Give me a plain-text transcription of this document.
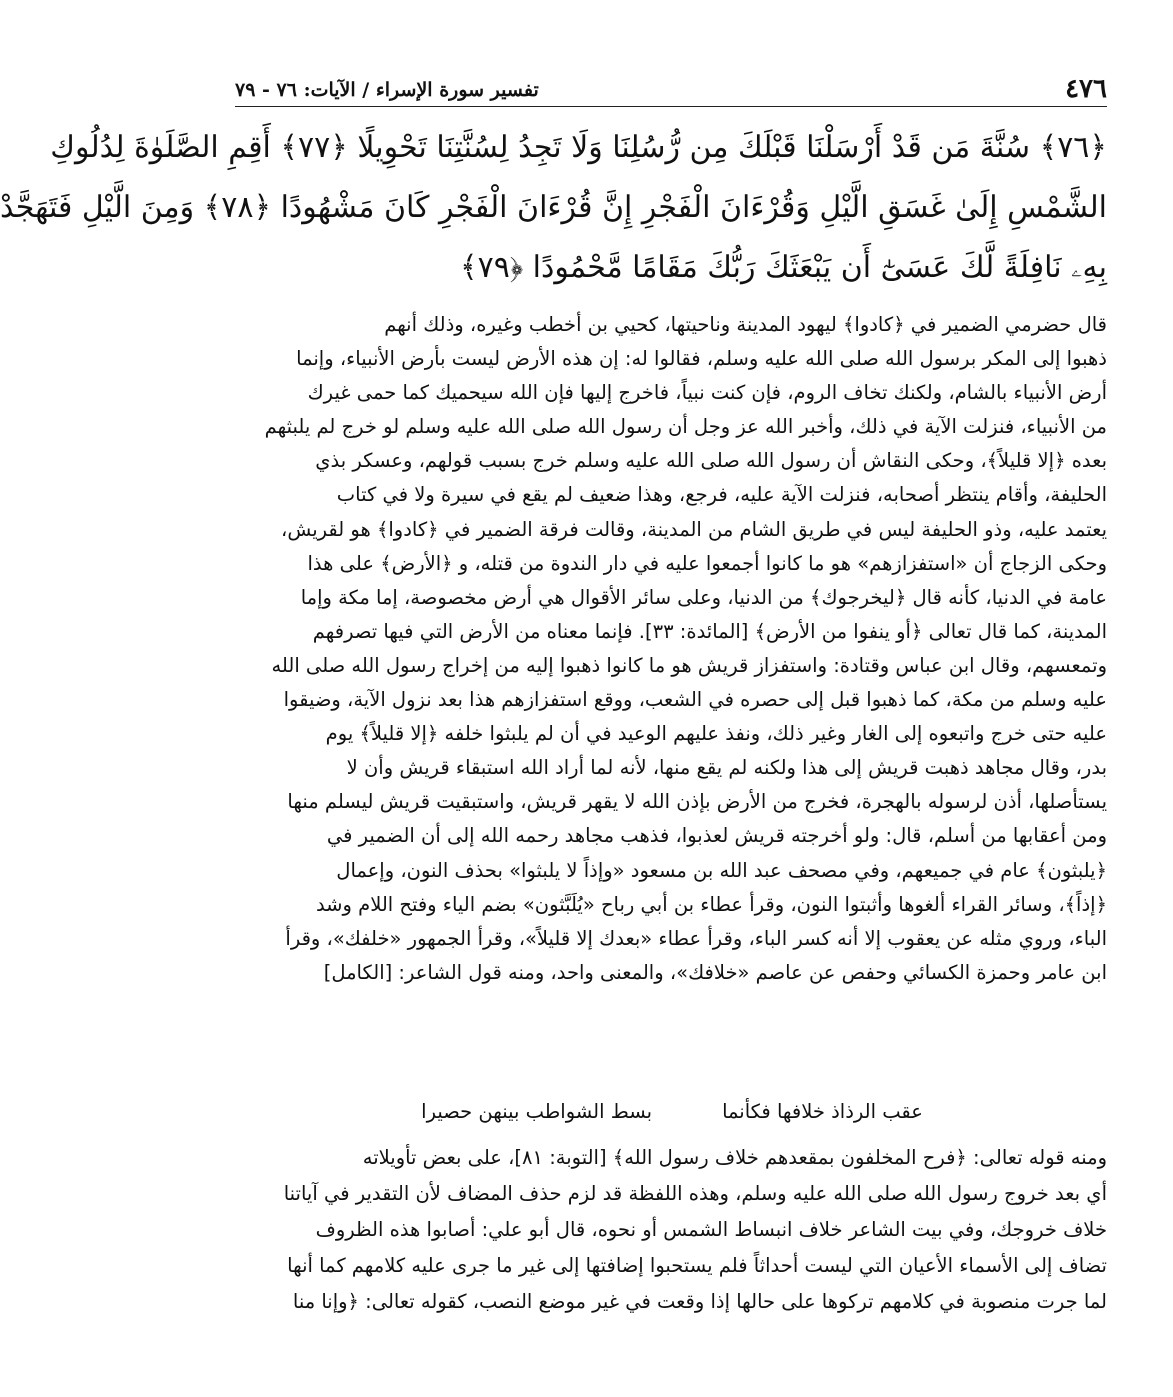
٤٧٦
تفسير سورة الإسراء / الآيات: ٧٦ - ٧٩
﴿٧٦﴾ سُنَّةَ مَن قَدْ أَرْسَلْنَا قَبْلَكَ مِن رُّسُلِنَا وَلَا تَجِدُ لِسُنَّتِنَا تَحْوِيلًا ﴿٧٧﴾ أَقِمِ الصَّلَوٰةَ لِدُلُوكِ
الشَّمْسِ إِلَىٰ غَسَقِ الَّيْلِ وَقُرْءَانَ الْفَجْرِ إِنَّ قُرْءَانَ الْفَجْرِ كَانَ مَشْهُودًا ﴿٧٨﴾ وَمِنَ الَّيْلِ فَتَهَجَّدْ
بِهِۦ نَافِلَةً لَّكَ عَسَىٰٓ أَن يَبْعَثَكَ رَبُّكَ مَقَامًا مَّحْمُودًا ﴿٧٩﴾
قال حضرمي الضمير في ﴿كادوا﴾ ليهود المدينة وناحيتها، كحيي بن أخطب وغيره، وذلك أنهم
ذهبوا إلى المكر برسول الله صلى الله عليه وسلم، فقالوا له: إن هذه الأرض ليست بأرض الأنبياء، وإنما
أرض الأنبياء بالشام، ولكنك تخاف الروم، فإن كنت نبياً، فاخرج إليها فإن الله سيحميك كما حمى غيرك
من الأنبياء، فنزلت الآية في ذلك، وأخبر الله عز وجل أن رسول الله صلى الله عليه وسلم لو خرج لم يلبثهم
بعده ﴿إلا قليلاً﴾، وحكى النقاش أن رسول الله صلى الله عليه وسلم خرج بسبب قولهم، وعسكر بذي
الحليفة، وأقام ينتظر أصحابه، فنزلت الآية عليه، فرجع، وهذا ضعيف لم يقع في سيرة ولا في كتاب
يعتمد عليه، وذو الحليفة ليس في طريق الشام من المدينة، وقالت فرقة الضمير في ﴿كادوا﴾ هو لقريش،
وحكى الزجاج أن «استفزازهم» هو ما كانوا أجمعوا عليه في دار الندوة من قتله، و ﴿الأرض﴾ على هذا
عامة في الدنيا، كأنه قال ﴿ليخرجوك﴾ من الدنيا، وعلى سائر الأقوال هي أرض مخصوصة، إما مكة وإما
المدينة، كما قال تعالى ﴿أو ينفوا من الأرض﴾ [المائدة: ٣٣]. فإنما معناه من الأرض التي فيها تصرفهم
وتمعسهم، وقال ابن عباس وقتادة: واستفزاز قريش هو ما كانوا ذهبوا إليه من إخراج رسول الله صلى الله
عليه وسلم من مكة، كما ذهبوا قبل إلى حصره في الشعب، ووقع استفزازهم هذا بعد نزول الآية، وضيقوا
عليه حتى خرج واتبعوه إلى الغار وغير ذلك، ونفذ عليهم الوعيد في أن لم يلبثوا خلفه ﴿إلا قليلاً﴾ يوم
بدر، وقال مجاهد ذهبت قريش إلى هذا ولكنه لم يقع منها، لأنه لما أراد الله استبقاء قريش وأن لا
يستأصلها، أذن لرسوله بالهجرة، فخرج من الأرض بإذن الله لا يقهر قريش، واستبقيت قريش ليسلم منها
ومن أعقابها من أسلم، قال: ولو أخرجته قريش لعذبوا، فذهب مجاهد رحمه الله إلى أن الضمير في
﴿يلبثون﴾ عام في جميعهم، وفي مصحف عبد الله بن مسعود «وإذاً لا يلبثوا» بحذف النون، وإعمال
﴿إذاً﴾، وسائر القراء ألغوها وأثبتوا النون، وقرأ عطاء بن أبي رباح «يُلَبَّثون» بضم الياء وفتح اللام وشد
الباء، وروي مثله عن يعقوب إلا أنه كسر الباء، وقرأ عطاء «بعدك إلا قليلاً»، وقرأ الجمهور «خلفك»، وقرأ
ابن عامر وحمزة الكسائي وحفص عن عاصم «خلافك»، والمعنى واحد، ومنه قول الشاعر: [الكامل]
عقب الرذاذ خلافها فكأنما
بسط الشواطب بينهن حصيرا
ومنه قوله تعالى: ﴿فرح المخلفون بمقعدهم خلاف رسول الله﴾ [التوبة: ٨١]، على بعض تأويلاته
أي بعد خروج رسول الله صلى الله عليه وسلم، وهذه اللفظة قد لزم حذف المضاف لأن التقدير في آياتنا
خلاف خروجك، وفي بيت الشاعر خلاف انبساط الشمس أو نحوه، قال أبو علي: أصابوا هذه الظروف
تضاف إلى الأسماء الأعيان التي ليست أحداثاً فلم يستحبوا إضافتها إلى غير ما جرى عليه كلامهم كما أنها
لما جرت منصوبة في كلامهم تركوها على حالها إذا وقعت في غير موضع النصب، كقوله تعالى: ﴿وإنا منا
